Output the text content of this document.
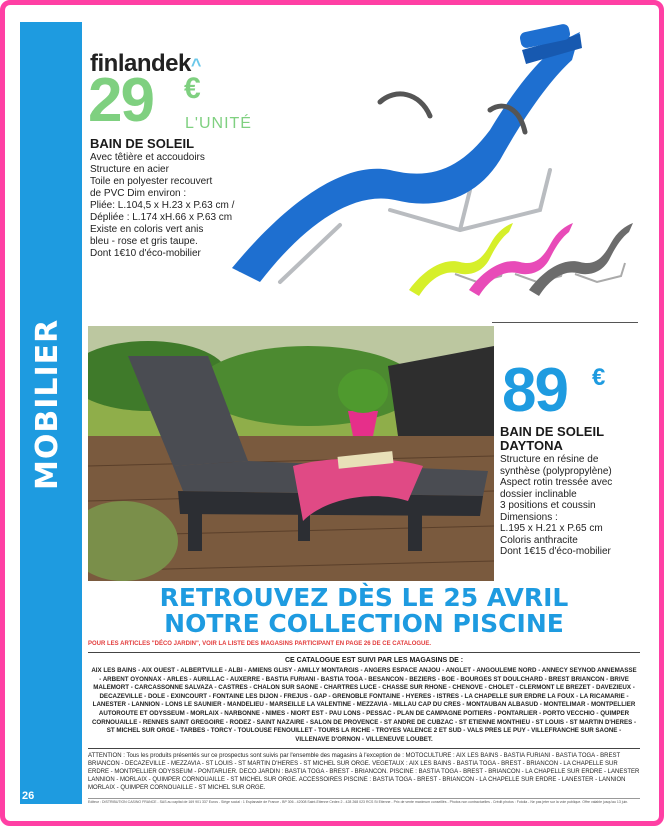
MOBILIER
26
finlandek^
29 €
L'UNITÉ
BAIN DE SOLEIL
Avec têtière et accoudoirs
Structure en acier
Toile en polyester recouvert
de PVC Dim environ :
Pliée: L.104,5 x H.23 x P.63 cm /
Dépliée : L.174 xH.66 x P.63 cm
Existe en coloris vert anis
bleu - rose et gris taupe.
Dont 1€10 d'éco-mobilier
89 €
BAIN DE SOLEIL DAYTONA
Structure en résine de
synthèse (polypropylène)
Aspect rotin tressée avec
dossier inclinable
3 positions et coussin
Dimensions :
L.195 x H.21 x P.65 cm
Coloris anthracite
Dont 1€15 d'éco-mobilier
RETROUVEZ DÈS LE 25 AVRIL
NOTRE COLLECTION PISCINE
POUR LES ARTICLES "DÉCO JARDIN", VOIR LA LISTE DES MAGASINS PARTICIPANT EN PAGE 26 DE CE CATALOGUE.
CE CATALOGUE EST SUIVI PAR LES MAGASINS DE :
AIX LES BAINS - AIX OUEST - ALBERTVILLE - ALBI - AMIENS GLISY - AMILLY MONTARGIS - ANGERS ESPACE ANJOU - ANGLET - ANGOULEME NORD - ANNECY SEYNOD ANNEMASSE - ARBENT OYONNAX - ARLES - AURILLAC - AUXERRE - BASTIA FURIANI - BASTIA TOGA - BESANCON - BEZIERS - BOE - BOURGES ST DOULCHARD - BREST BRIANCON - BRIVE MALEMORT - CARCASSONNE SALVAZA - CASTRES - CHALON SUR SAONE - CHARTRES LUCE - CHASSE SUR RHONE - CHENOVE - CHOLET - CLERMONT LE BREZET - DAVEZIEUX - DECAZEVILLE - DOLE - EXINCOURT - FONTAINE LES DIJON - FREJUS - GAP - GRENOBLE FONTAINE - HYERES - ISTRES - LA CHAPELLE SUR ERDRE LA FOUX - LA RICAMARIE - LANESTER - LANNION - LONS LE SAUNIER - MANDELIEU - MARSEILLE LA VALENTINE - MEZZAVIA - MILLAU CAP DU CRES - MONTAUBAN ALBASUD - MONTELIMAR - MONTPELLIER AUTOROUTE ET ODYSSEUM - MORLAIX - NARBONNE - NIMES - NIORT EST - PAU LONS - PESSAC - PLAN DE CAMPAGNE POITIERS - PONTARLIER - PORTO VECCHIO - QUIMPER CORNOUAILLE - RENNES SAINT GREGOIRE - RODEZ - SAINT NAZAIRE - SALON DE PROVENCE - ST ANDRE DE CUBZAC - ST ETIENNE MONTHIEU - ST LOUIS - ST MARTIN D'HERES - ST MICHEL SUR ORGE - TARBES - TORCY - TOULOUSE FENOUILLET - TOURS LA RICHE - TROYES VALENCE 2 ET SUD - VALS PRES LE PUY - VILLEFRANCHE SUR SAONE - VILLENAVE D'ORNON - VILLENEUVE LOUBET.
ATTENTION : Tous les produits présentés sur ce prospectus sont suivis par l'ensemble des magasins à l'exception de : MOTOCULTURE : AIX LES BAINS - BASTIA FURIANI - BASTIA TOGA - BREST BRIANCON - DECAZEVILLE - MEZZAVIA - ST LOUIS - ST MARTIN D'HERES - ST MICHEL SUR ORGE. VEGETAUX : AIX LES BAINS - BASTIA TOGA - BREST - BRIANCON - LA CHAPELLE SUR ERDRE - MONTPELLIER ODYSSEUM - PONTARLIER. DECO JARDIN : BASTIA TOGA - BREST - BRIANCON. PISCINE : BASTIA TOGA - BREST - BRIANCON - LA CHAPELLE SUR ERDRE - LANESTER LANNION - MORLAIX - QUIMPER CORNOUAILLE - ST MICHEL SUR ORGE. ACCESSOIRES PISCINE : BASTIA TOGA - BREST - BRIANCON - LA CHAPELLE SUR ERDRE - LANESTER - LANNION MORLAIX - QUIMPER CORNOUAILLE - ST MICHEL SUR ORGE.
Editeur : DISTRIBUTION CASINO FRANCE - SAS au capital de 169 901 337 Euros - Siège social : 1 Esplanade de France - BP 306 - 42008 Saint-Etienne Cedex 2 - 428 268 023 RCS St Etienne - Prix de vente maximum conseillés - Photos non contractuelles - Crédit photos : Fotolia - Ne pas jeter sur la voie publique. Offre valable jusqu'au 13 juin.
